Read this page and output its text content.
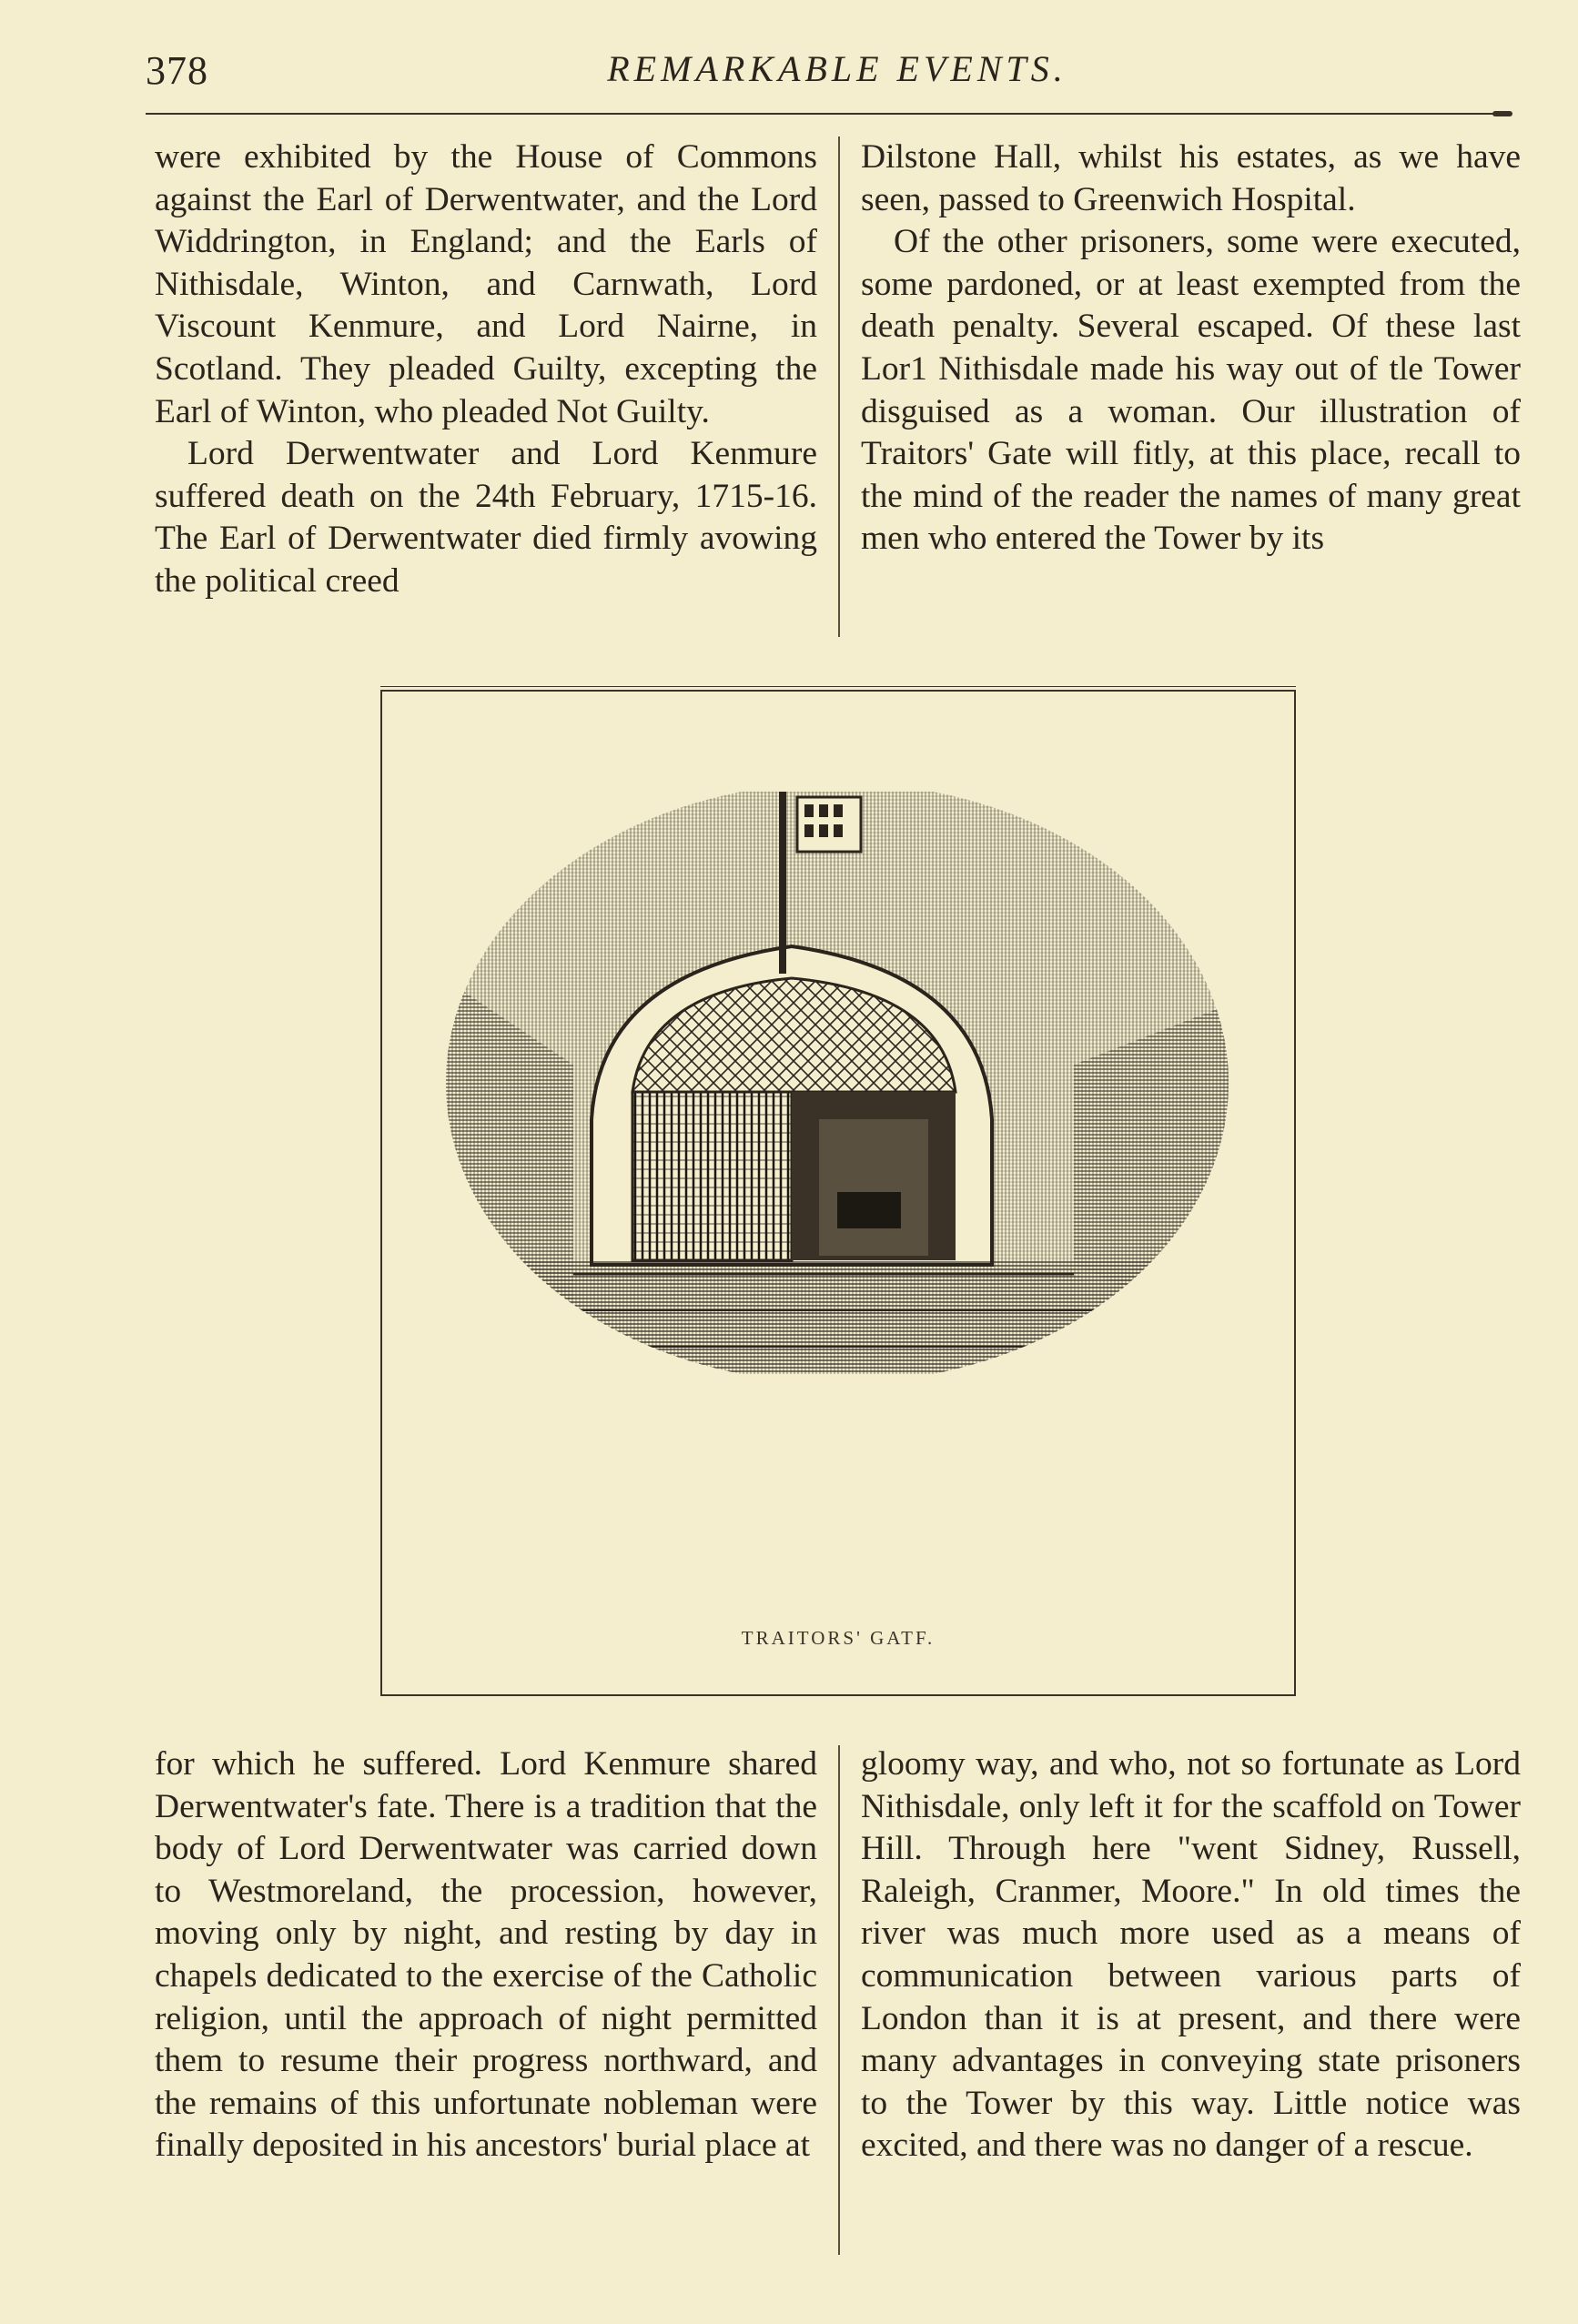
378	REMARKABLE EVENTS.

were exhibited by the House of Commons against the Earl of Derwentwater, and the Lord Widdrington, in England; and the Earls of Nithisdale, Winton, and Carnwath, Lord Viscount Kenmure, and Lord Nairne, in Scotland. They pleaded Guilty, excepting the Earl of Winton, who pleaded Not Guilty.

Lord Derwentwater and Lord Kenmure suffered death on the 24th February, 1715-16. The Earl of Derwentwater died firmly avowing the political creed

Dilstone Hall, whilst his estates, as we have seen, passed to Greenwich Hospital.

Of the other prisoners, some were executed, some pardoned, or at least exempted from the death penalty. Several escaped. Of these last Lor1 Nithisdale made his way out of tle Tower disguised as a woman. Our illustration of Traitors' Gate will fitly, at this place, recall to the mind of the reader the names of many great men who entered the Tower by its

TRAITORS' GATF.

for which he suffered. Lord Kenmure shared Derwentwater's fate. There is a tradition that the body of Lord Derwentwater was carried down to Westmoreland, the procession, however, moving only by night, and resting by day in chapels dedicated to the exercise of the Catholic religion, until the approach of night permitted them to resume their progress northward, and the remains of this unfortunate nobleman were finally deposited in his ancestors' burial place at

gloomy way, and who, not so fortunate as Lord Nithisdale, only left it for the scaffold on Tower Hill. Through here "went Sidney, Russell, Raleigh, Cranmer, Moore." In old times the river was much more used as a means of communication between various parts of London than it is at present, and there were many advantages in conveying state prisoners to the Tower by this way. Little notice was excited, and there was no danger of a rescue.
